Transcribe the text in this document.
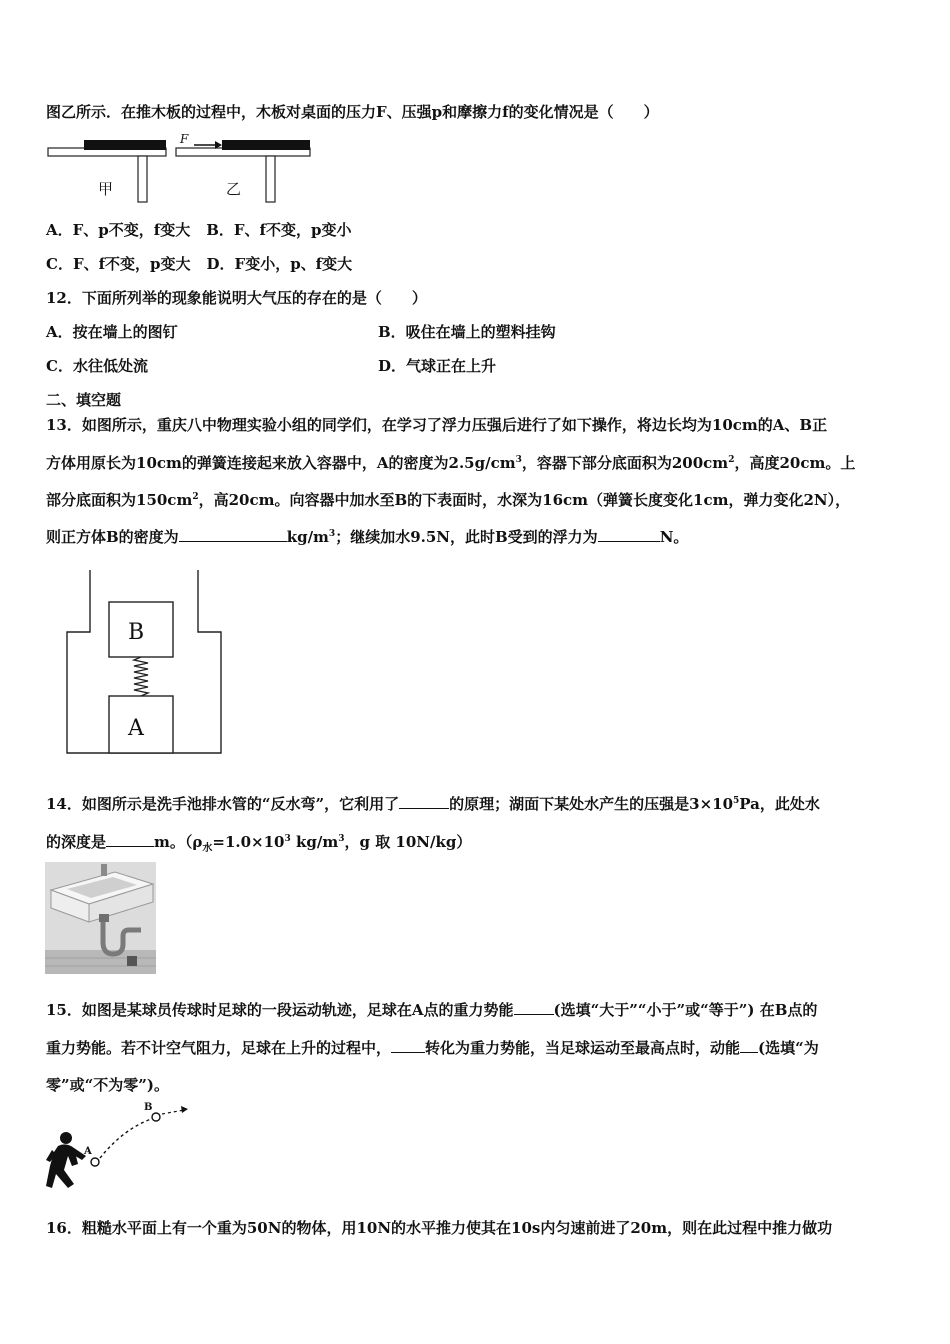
图乙所示．在推木板的过程中，木板对桌面的压力F、压强p和摩擦力f的变化情况是（　　）
F
甲	乙
A．F、p不变，f变大 B．F、f不变，p变小
C．F、f不变，p变大 D．F变小，p、f变大
12．下面所列举的现象能说明大气压的存在的是（　　）
A．按在墙上的图钉	B．吸住在墙上的塑料挂钩
C．水往低处流	D．气球正在上升
二、填空题
13．如图所示，重庆八中物理实验小组的同学们，在学习了浮力压强后进行了如下操作，将边长均为10cm的A、B正
方体用原长为10cm的弹簧连接起来放入容器中，A的密度为$2.5g/cm^3$，容器下部分底面积为$200cm^2$，高度20cm。上
部分底面积为$150cm^2$，高20cm。向容器中加水至B的下表面时，水深为16cm（弹簧长度变化1cm，弹力变化2N），
则正方体B的密度为	$kg/m^3$；继续加水9.5N，此时B受到的浮力为	N。
B
A
14．如图所示是洗手池排水管的“反水弯”，它利用了	的原理；湖面下某处水产生的压强是$3\times 10^5Pa$，此处水
的深度是	m。（$\rho_水=1.0\times 10^3$ $kg/m^3$，g 取 10N/kg）
15．如图是某球员传球时足球的一段运动轨迹，足球在A点的重力势能	(选填“大于”“小于”或“等于”) 在B点的
重力势能。若不计空气阻力，足球在上升的过程中， 转化为重力势能，当足球运动至最高点时，动能 (选填“为
零”或“不为零”)。
A
B
16．粗糙水平面上有一个重为50N的物体，用10N的水平推力使其在10s内匀速前进了20m，则在此过程中推力做功
